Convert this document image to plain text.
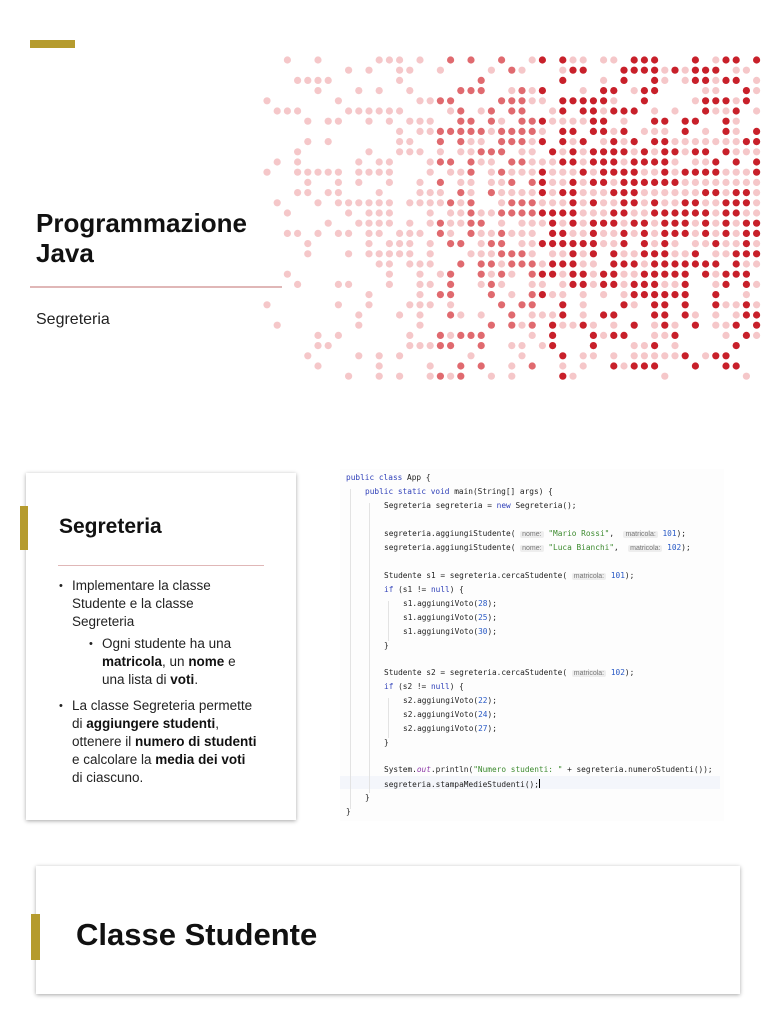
Programmazione
Java
Segreteria
Segreteria
• Implementare la classe Studente e la classe Segreteria
• Ogni studente ha una matricola, un nome e una lista di voti.
• La classe Segreteria permette di aggiungere studenti, ottenere il numero di studenti e calcolare la media dei voti di ciascuno.
public class App {
public static void main(String[] args) {
Segreteria segreteria = new Segreteria();
segreteria.aggiungiStudente( nome: "Mario Rossi",  matricola: 101);
segreteria.aggiungiStudente( nome: "Luca Bianchi",  matricola: 102);
Studente s1 = segreteria.cercaStudente( matricola: 101);
if (s1 != null) {
s1.aggiungiVoto(28);
s1.aggiungiVoto(25);
s1.aggiungiVoto(30);
}
Studente s2 = segreteria.cercaStudente( matricola: 102);
if (s2 != null) {
s2.aggiungiVoto(22);
s2.aggiungiVoto(24);
s2.aggiungiVoto(27);
}
System.out.println("Numero studenti: " + segreteria.numeroStudenti());
segreteria.stampaMedieStudenti();
}
}
Classe Studente
